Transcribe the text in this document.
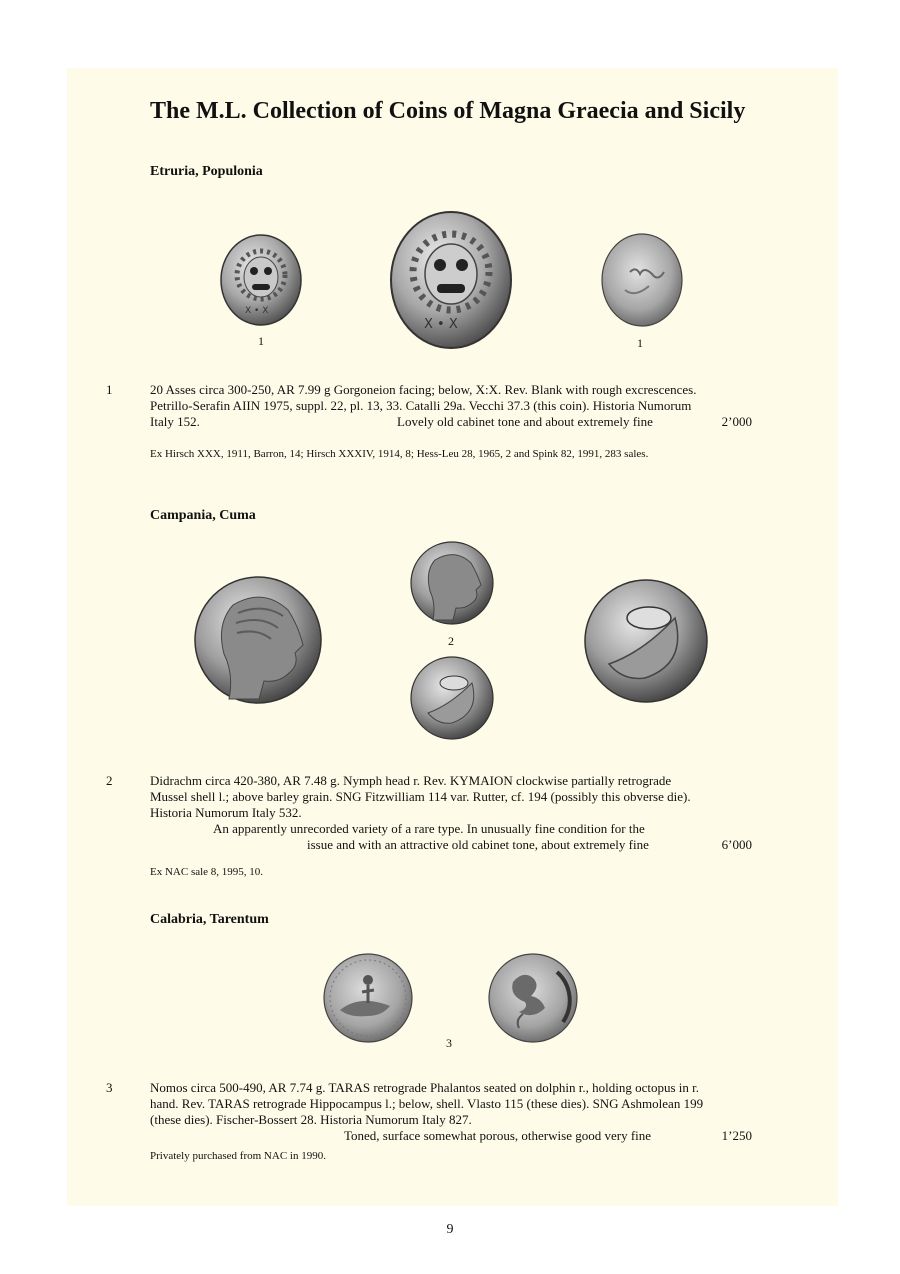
The M.L. Collection of Coins of Magna Graecia and Sicily
Etruria, Populonia
X • X
X • X
1	1
1	20 Asses circa 300-250, AR 7.99 g Gorgoneion facing; below, X:X. Rev. Blank with rough excrescences.
Petrillo-Serafin AIIN 1975, suppl. 22, pl. 13, 33. Catalli 29a. Vecchi 37.3 (this coin). Historia Numorum
Italy 152.	Lovely old cabinet tone and about extremely fine	2’000
Ex Hirsch XXX, 1911, Barron, 14; Hirsch XXXIV, 1914, 8; Hess-Leu 28, 1965, 2 and Spink 82, 1991, 283 sales.
Campania, Cuma
2
2	Didrachm circa 420-380, AR 7.48 g. Nymph head r. Rev. KYMAION clockwise partially retrograde
Mussel shell l.; above barley grain. SNG Fitzwilliam 114 var. Rutter, cf. 194 (possibly this obverse die).
Historia Numorum Italy 532.
An apparently unrecorded variety of a rare type. In unusually fine condition for the
issue and with an attractive old cabinet tone, about extremely fine	6’000
Ex NAC sale 8, 1995, 10.
Calabria, Tarentum
3
3	Nomos circa 500-490, AR 7.74 g. TARAS retrograde Phalantos seated on dolphin r., holding octopus in r.
hand. Rev. TARAS retrograde Hippocampus l.; below, shell. Vlasto 115 (these dies). SNG Ashmolean 199
(these dies). Fischer-Bossert 28. Historia Numorum Italy 827.
Toned, surface somewhat porous, otherwise good very fine	1’250
Privately purchased from NAC in 1990.
9
